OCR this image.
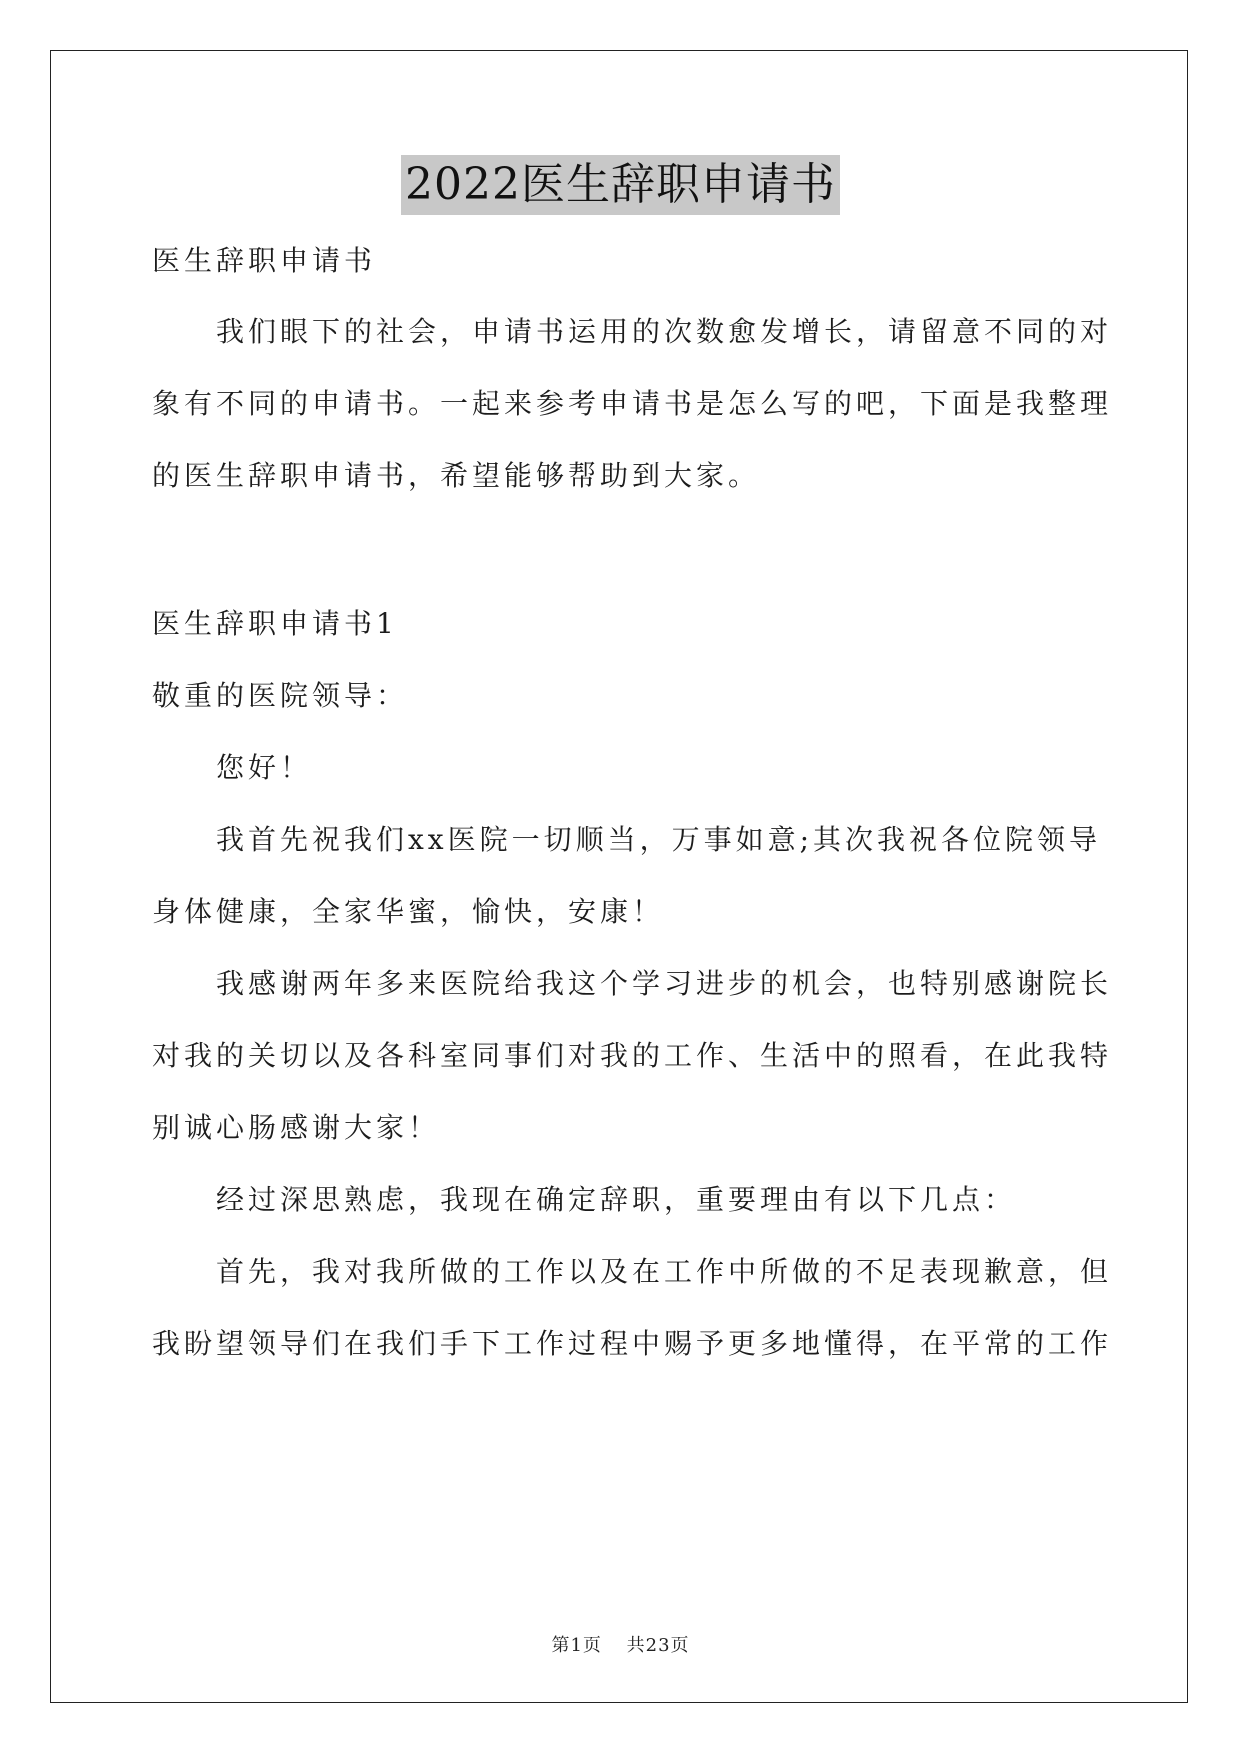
2022医生辞职申请书
医生辞职申请书
　　我们眼下的社会，申请书运用的次数愈发增长，请留意不同的对
象有不同的申请书。一起来参考申请书是怎么写的吧，下面是我整理
的医生辞职申请书，希望能够帮助到大家。
医生辞职申请书1
敬重的医院领导：
　　您好！
　　我首先祝我们xx医院一切顺当，万事如意;其次我祝各位院领导
身体健康，全家华蜜，愉快，安康！
　　我感谢两年多来医院给我这个学习进步的机会，也特别感谢院长
对我的关切以及各科室同事们对我的工作、生活中的照看，在此我特
别诚心肠感谢大家！
　　经过深思熟虑，我现在确定辞职，重要理由有以下几点：
　　首先，我对我所做的工作以及在工作中所做的不足表现歉意，但
我盼望领导们在我们手下工作过程中赐予更多地懂得，在平常的工作
第1页 共23页
